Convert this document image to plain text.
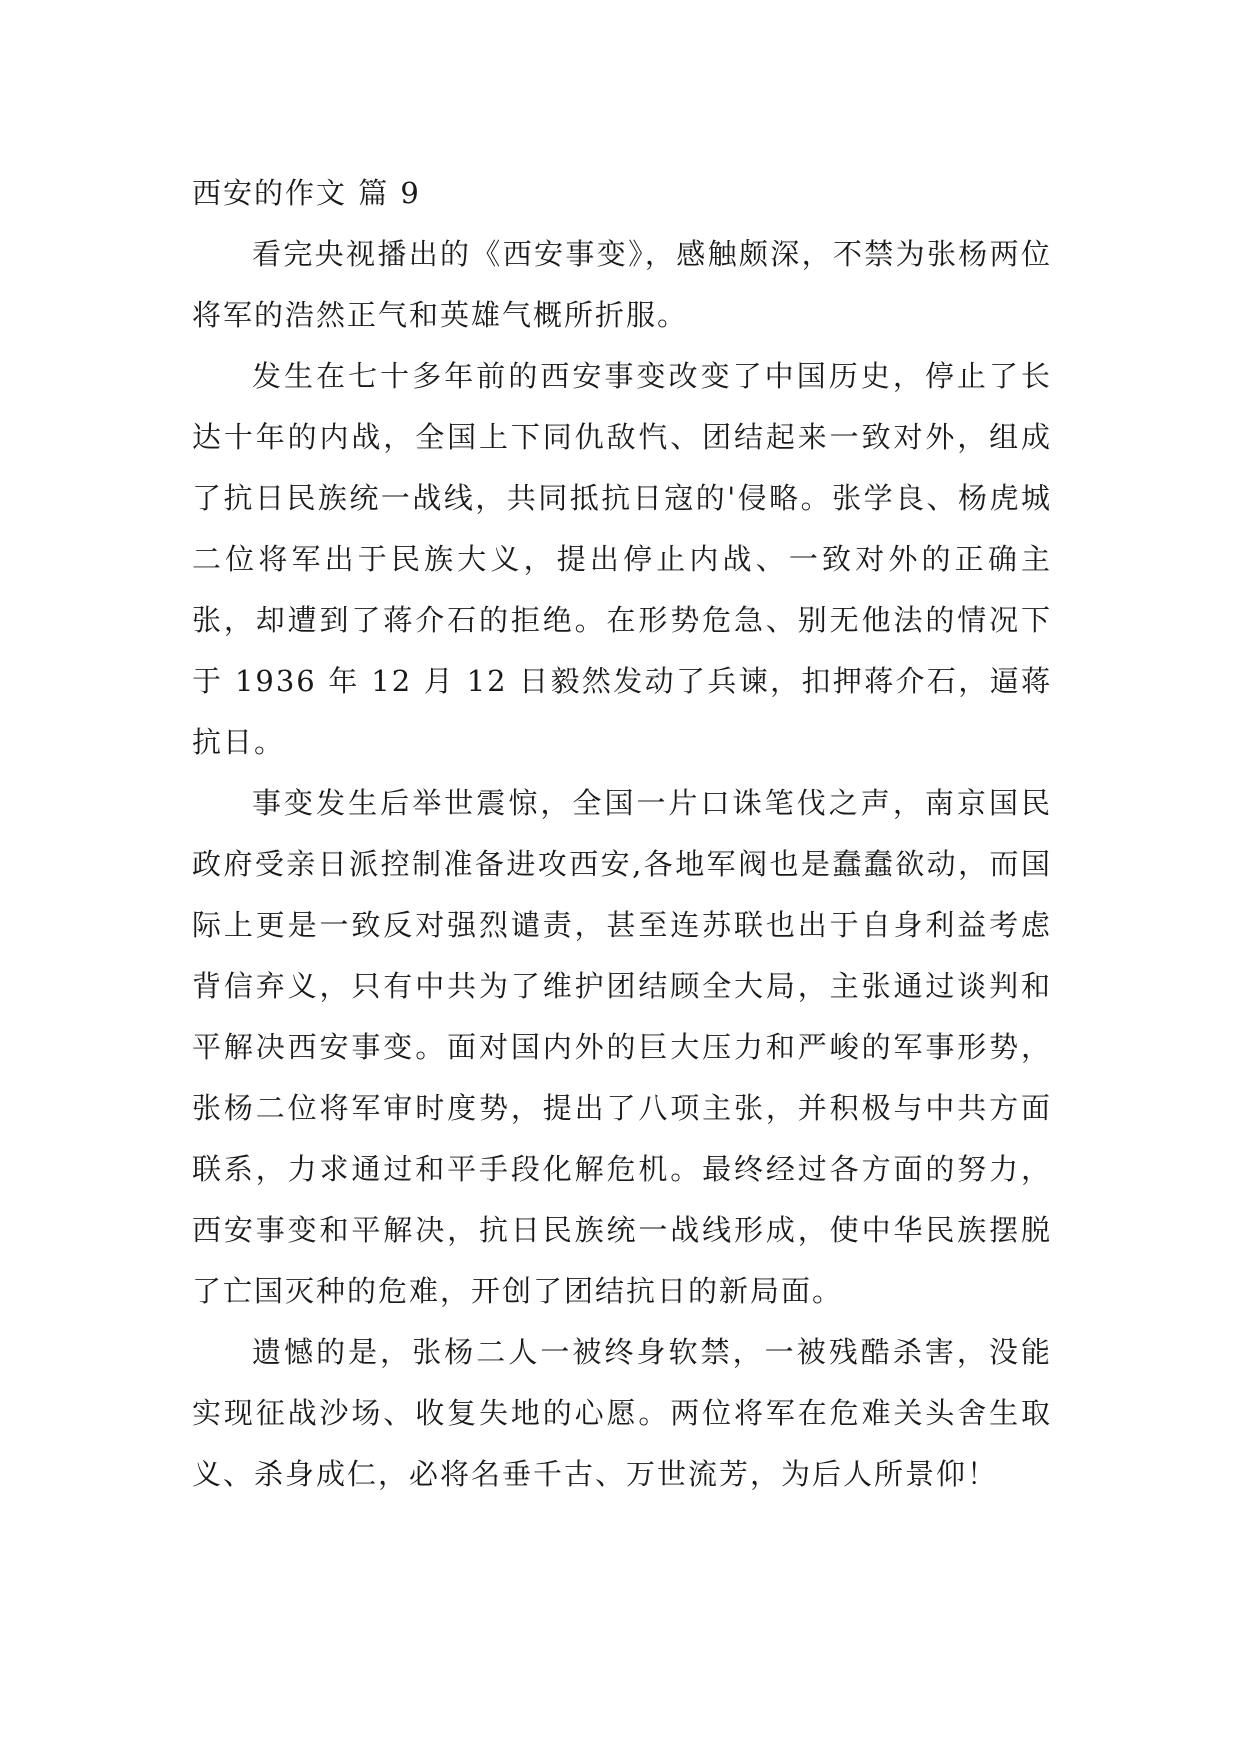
西安的作文 篇 9

看完央视播出的《西安事变》，感触颇深，不禁为张杨两位将军的浩然正气和英雄气概所折服。

发生在七十多年前的西安事变改变了中国历史，停止了长达十年的内战，全国上下同仇敌忾、团结起来一致对外，组成了抗日民族统一战线，共同抵抗日寇的'侵略。张学良、杨虎城二位将军出于民族大义，提出停止内战、一致对外的正确主张，却遭到了蒋介石的拒绝。在形势危急、别无他法的情况下于 1936 年 12 月 12 日毅然发动了兵谏，扣押蒋介石，逼蒋抗日。

事变发生后举世震惊，全国一片口诛笔伐之声，南京国民政府受亲日派控制准备进攻西安,各地军阀也是蠢蠢欲动，而国际上更是一致反对强烈谴责，甚至连苏联也出于自身利益考虑背信弃义，只有中共为了维护团结顾全大局，主张通过谈判和平解决西安事变。面对国内外的巨大压力和严峻的军事形势，张杨二位将军审时度势，提出了八项主张，并积极与中共方面联系，力求通过和平手段化解危机。最终经过各方面的努力，西安事变和平解决，抗日民族统一战线形成，使中华民族摆脱了亡国灭种的危难，开创了团结抗日的新局面。

遗憾的是，张杨二人一被终身软禁，一被残酷杀害，没能实现征战沙场、收复失地的心愿。两位将军在危难关头舍生取义、杀身成仁，必将名垂千古、万世流芳，为后人所景仰！
